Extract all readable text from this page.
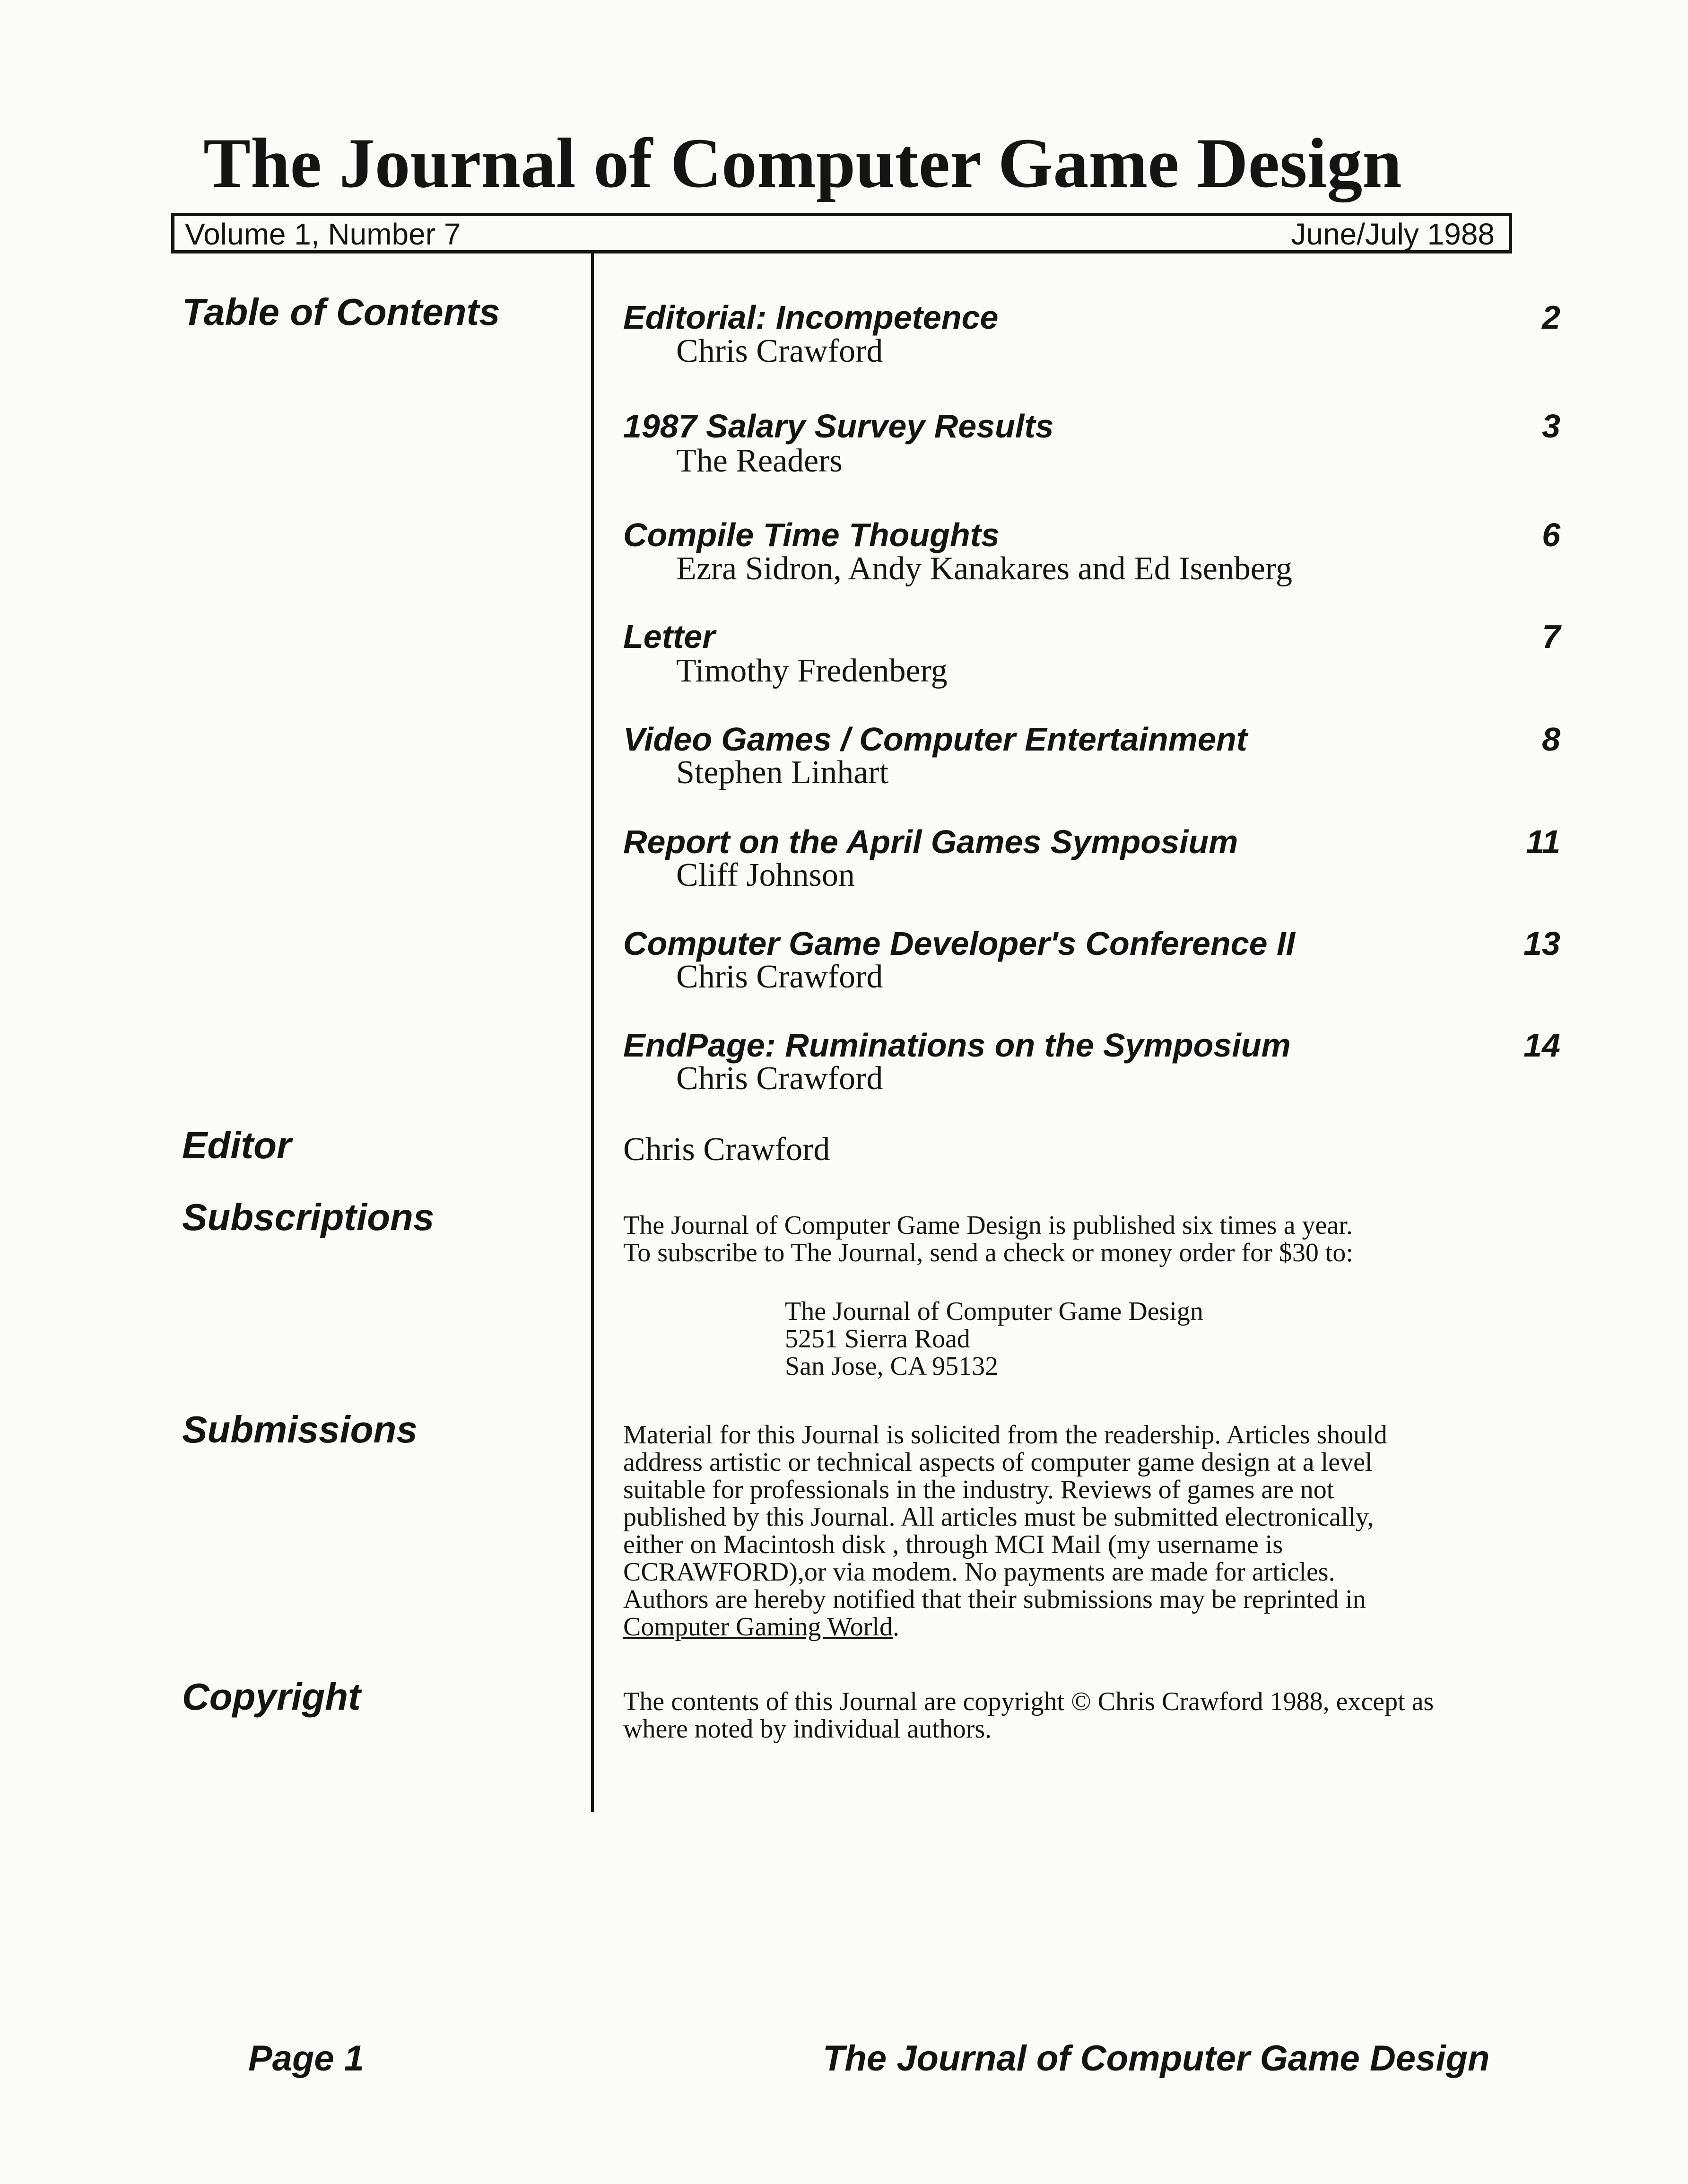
The Journal of Computer Game Design
Volume 1, Number 7	June/July 1988
Table of Contents
Editor
Subscriptions
Submissions
Copyright
Editorial: Incompetence
Chris Crawford
2
1987 Salary Survey Results
The Readers
3
Compile Time Thoughts
Ezra Sidron, Andy Kanakares and Ed Isenberg
6
Letter
Timothy Fredenberg
7
Video Games / Computer Entertainment
Stephen Linhart
8
Report on the April Games Symposium
Cliff Johnson
11
Computer Game Developer's Conference II
Chris Crawford
13
EndPage: Ruminations on the Symposium
Chris Crawford
14
Chris Crawford
The Journal of Computer Game Design is published six times a year.
To subscribe to The Journal, send a check or money order for $30 to:
The Journal of Computer Game Design
5251 Sierra Road
San Jose, CA 95132
Material for this Journal is solicited from the readership. Articles should
address artistic or technical aspects of computer game design at a level
suitable for professionals in the industry. Reviews of games are not
published by this Journal. All articles must be submitted electronically,
either on Macintosh disk , through MCI Mail (my username is
CCRAWFORD),or via modem. No payments are made for articles.
Authors are hereby notified that their submissions may be reprinted in
Computer Gaming World.
The contents of this Journal are copyright © Chris Crawford 1988, except as
where noted by individual authors.
Page 1	The Journal of Computer Game Design
